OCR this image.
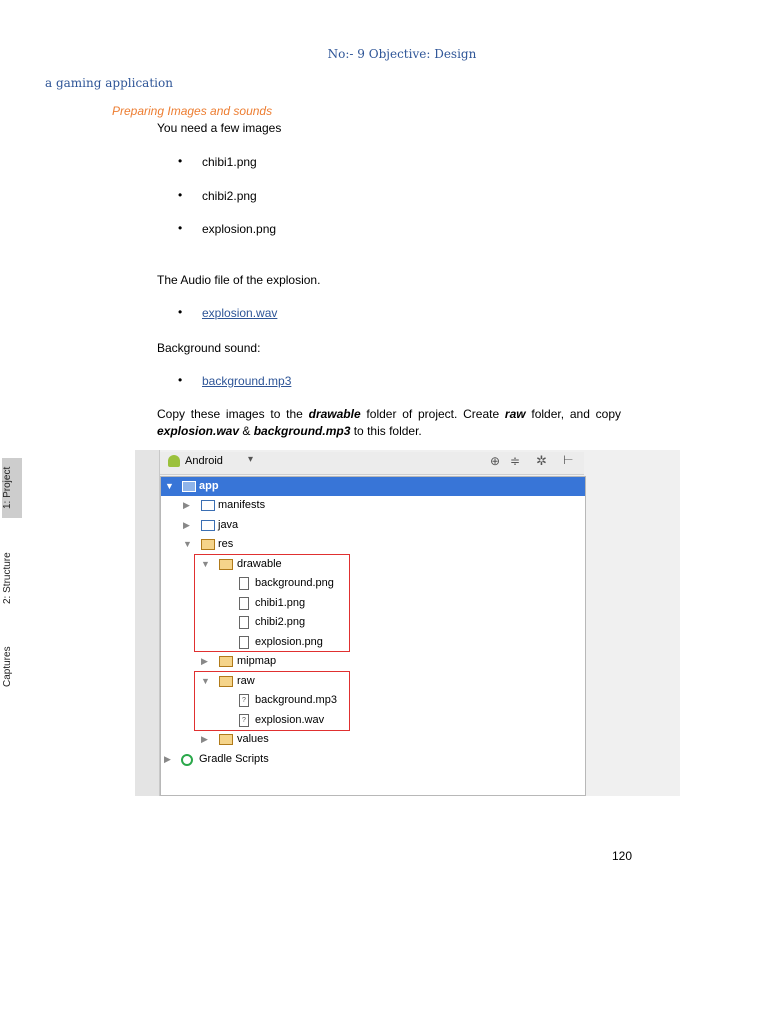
No:- 9 Objective: Design
a gaming application
Preparing Images and sounds
You need a few images
• chibi1.png
• chibi2.png
• explosion.png
The Audio file of the explosion.
• explosion.wav
Background sound:
• background.mp3
Copy these images to the drawable folder of project. Create raw folder, and copy explosion.wav & background.mp3 to this folder.
1: Project
2: Structure
Captures
Android	▾	⊕ ≑ ✲ ⊢
▼ app
▶	manifests
▶	java
▼ res
▼ drawable
background.png
chibi1.png
chibi2.png
explosion.png
▶	mipmap
▼ raw
? background.mp3
? explosion.wav
▶	values
▶	Gradle Scripts
120
